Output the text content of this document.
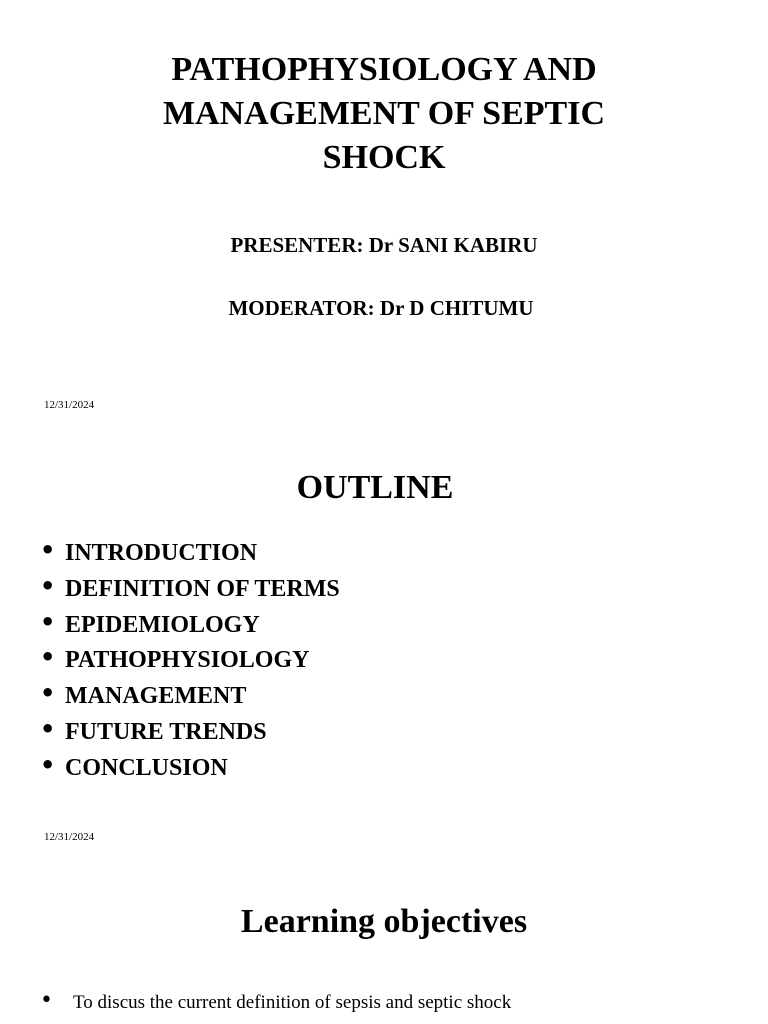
PATHOPHYSIOLOGY AND
MANAGEMENT OF SEPTIC
SHOCK
PRESENTER: Dr SANI KABIRU
MODERATOR: Dr D CHITUMU
12/31/2024
OUTLINE
• INTRODUCTION
• DEFINITION OF TERMS
• EPIDEMIOLOGY
• PATHOPHYSIOLOGY
• MANAGEMENT
• FUTURE TRENDS
• CONCLUSION
12/31/2024
Learning objectives
• To discus the current definition of sepsis and septic shock
